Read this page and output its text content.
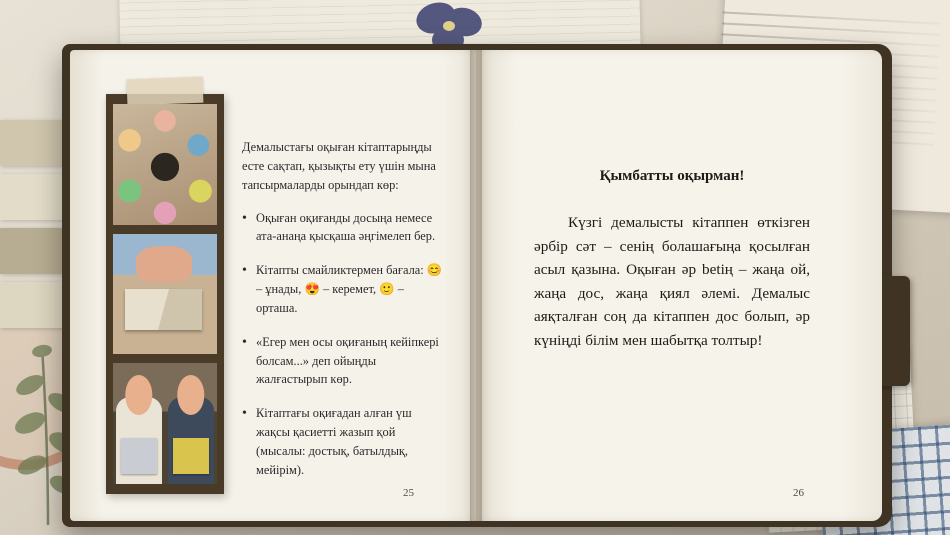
Демалыстағы оқыған кітаптарыңды есте сақтап, қызықты ету үшін мына тапсырмаларды орындап көр:

• Оқыған оқиғанды досыңа немесе ата-анаңа қысқаша әңгімелеп бер.
• Кітапты смайликтермен бағала: 😊 – ұнады, 😍 – керемет, 🙂 – орташа.
• «Егер мен осы оқиғаның кейіпкері болсам...» деп ойыңды жалғастырып көр.
• Кітаптағы оқиғадан алған үш жақсы қасиетті жазып қой (мысалы: достық, батылдық, мейірім).
25
Қымбатты оқырман!

Күзгі демалысты кітаппен өткізген әрбір сәт – сенің болашағыңа қосылған асыл қазына. Оқыған әр betің – жаңа ой, жаңа дос, жаңа қиял әлемі. Демалыс аяқталған соң да кітаппен дос болып, әр күніңді білім мен шабытқа толтыр!

26
